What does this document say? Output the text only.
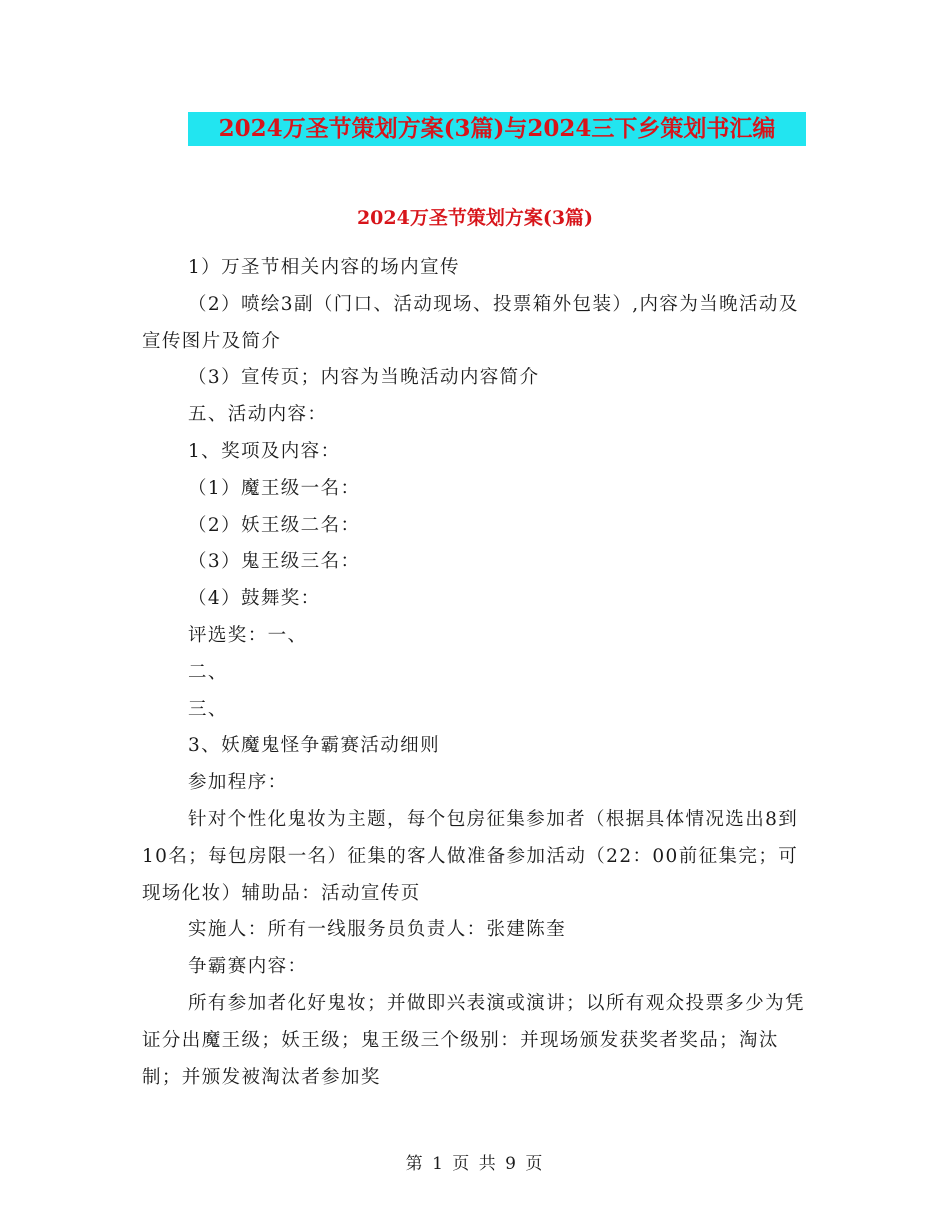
2024万圣节策划方案(3篇)与2024三下乡策划书汇编
2024万圣节策划方案(3篇)

1）万圣节相关内容的场内宣传

（2）喷绘3副（门口、活动现场、投票箱外包装）,内容为当晚活动及宣传图片及简介

（3）宣传页；内容为当晚活动内容简介

五、活动内容：

1、奖项及内容：

（1）魔王级一名：

（2）妖王级二名：

（3）鬼王级三名：

（4）鼓舞奖：

评选奖：一、

二、

三、

3、妖魔鬼怪争霸赛活动细则

参加程序：

针对个性化鬼妆为主题，每个包房征集参加者（根据具体情况选出8到10名；每包房限一名）征集的客人做准备参加活动（22：00前征集完；可现场化妆）辅助品：活动宣传页

实施人：所有一线服务员负责人：张建陈奎

争霸赛内容：

所有参加者化好鬼妆；并做即兴表演或演讲；以所有观众投票多少为凭证分出魔王级；妖王级；鬼王级三个级别：并现场颁发获奖者奖品；淘汰制；并颁发被淘汰者参加奖

第 1 页 共 9 页
